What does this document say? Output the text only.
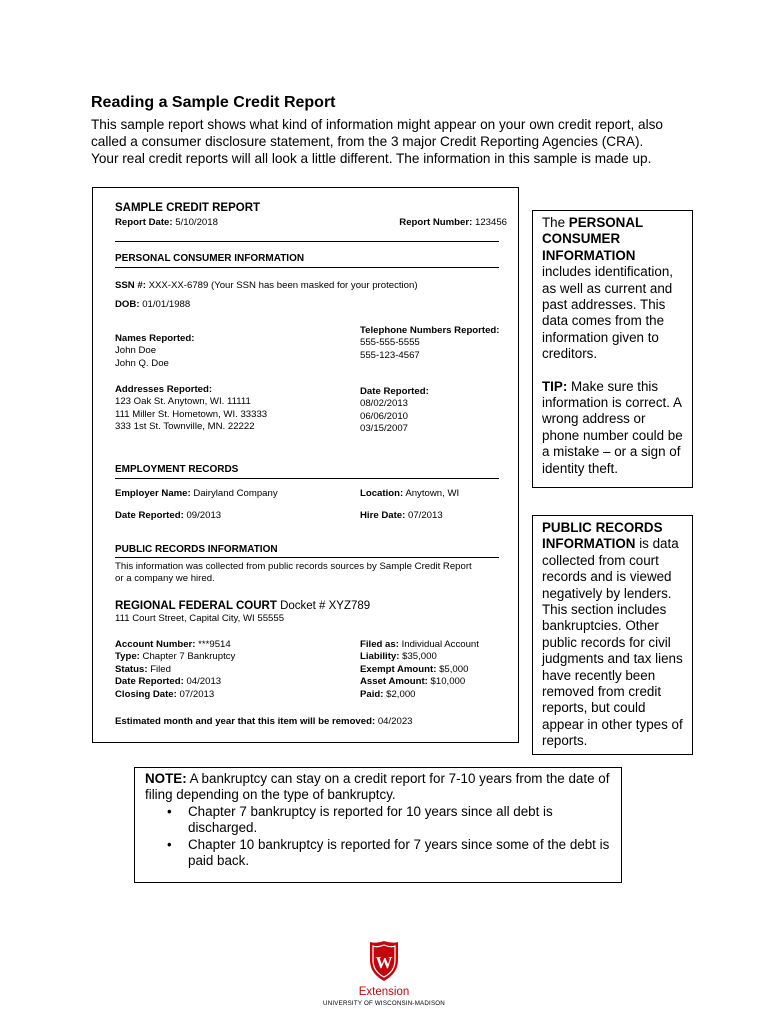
Reading a Sample Credit Report
This sample report shows what kind of information might appear on your own credit report, also
called a consumer disclosure statement, from the 3 major Credit Reporting Agencies (CRA).
Your real credit reports will all look a little different. The information in this sample is made up.
SAMPLE CREDIT REPORT
Report Date: 5/10/2018	Report Number: 123456
PERSONAL CONSUMER INFORMATION
SSN #: XXX-XX-6789 (Your SSN has been masked for your protection)
DOB: 01/01/1988
Names Reported:
John Doe
John Q. Doe
Telephone Numbers Reported:
555-555-5555
555-123-4567
Addresses Reported:
123 Oak St. Anytown, WI. 11111
111 Miller St. Hometown, WI. 33333
333 1st St. Townville, MN. 22222
Date Reported:
08/02/2013
06/06/2010
03/15/2007
EMPLOYMENT RECORDS
Employer Name: Dairyland Company	Location: Anytown, WI
Date Reported: 09/2013	Hire Date: 07/2013
PUBLIC RECORDS INFORMATION
This information was collected from public records sources by Sample Credit Report
or a company we hired.
REGIONAL FEDERAL COURT Docket # XYZ789
111 Court Street, Capital City, WI 55555
Account Number: ***9514
Type: Chapter 7 Bankruptcy
Status: Filed
Date Reported: 04/2013
Closing Date: 07/2013
Filed as: Individual Account
Liability: $35,000
Exempt Amount: $5,000
Asset Amount: $10,000
Paid: $2,000
Estimated month and year that this item will be removed: 04/2023

The PERSONAL CONSUMER INFORMATION includes identification, as well as current and past addresses. This data comes from the information given to creditors.

TIP: Make sure this information is correct. A wrong address or phone number could be a mistake – or a sign of identity theft.

PUBLIC RECORDS INFORMATION is data collected from court records and is viewed negatively by lenders. This section includes bankruptcies. Other public records for civil judgments and tax liens have recently been removed from credit reports, but could appear in other types of reports.

NOTE: A bankruptcy can stay on a credit report for 7-10 years from the date of filing depending on the type of bankruptcy.

• Chapter 7 bankruptcy is reported for 10 years since all debt is discharged.
• Chapter 10 bankruptcy is reported for 7 years since some of the debt is paid back.
W
Extension
UNIVERSITY OF WISCONSIN-MADISON
